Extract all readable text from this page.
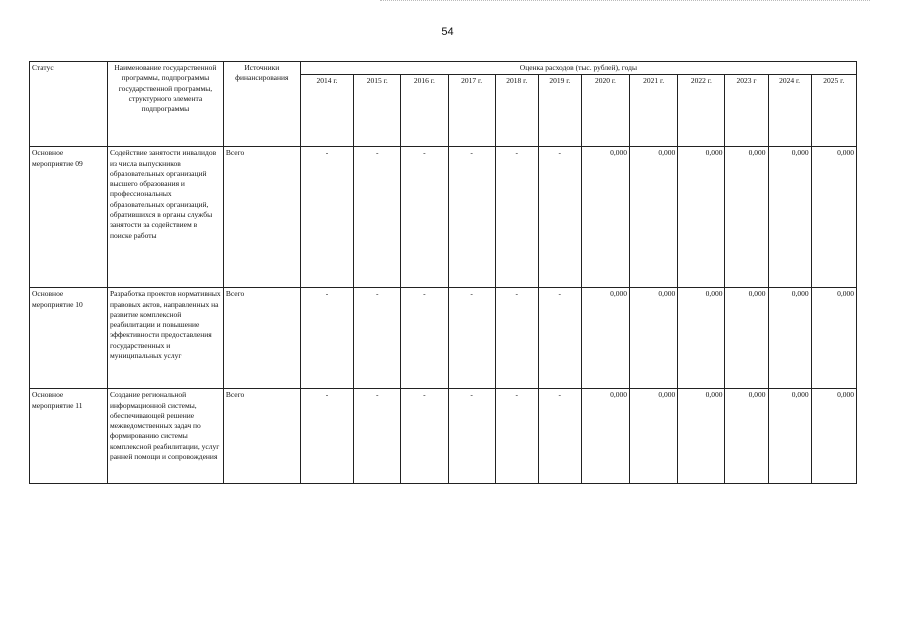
54
Статус	Наименование государственной программы, подпрограммы государственной программы, структурного элемента подпрограммы	Источники финансирования	Оценка расходов (тыс. рублей), годы											
			2014 г.	2015 г.	2016 г.	2017 г.	2018 г.	2019 г.	2020 г.	2021 г.	2022 г.	2023 г	2024 г.	2025 г.
Основное мероприятие 09	Содействие занятости инвалидов из числа выпускников образовательных организаций высшего образования и профессиональных образовательных организаций, обратившихся в органы службы занятости за содействием в поиске работы	Всего	-	-	-	-	-	-	0,000	0,000	0,000	0,000	0,000	0,000
Основное мероприятие 10	Разработка проектов нормативных правовых актов, направленных на развитие комплексной реабилитации и повышение эффективности предоставления государственных и муниципальных услуг	Всего	-	-	-	-	-	-	0,000	0,000	0,000	0,000	0,000	0,000
Основное мероприятие 11	Создание региональной информационной системы, обеспечивающей решение межведомственных задач по формированию системы комплексной реабилитации, услуг ранней помощи и сопровождения	Всего	-	-	-	-	-	-	0,000	0,000	0,000	0,000	0,000	0,000
